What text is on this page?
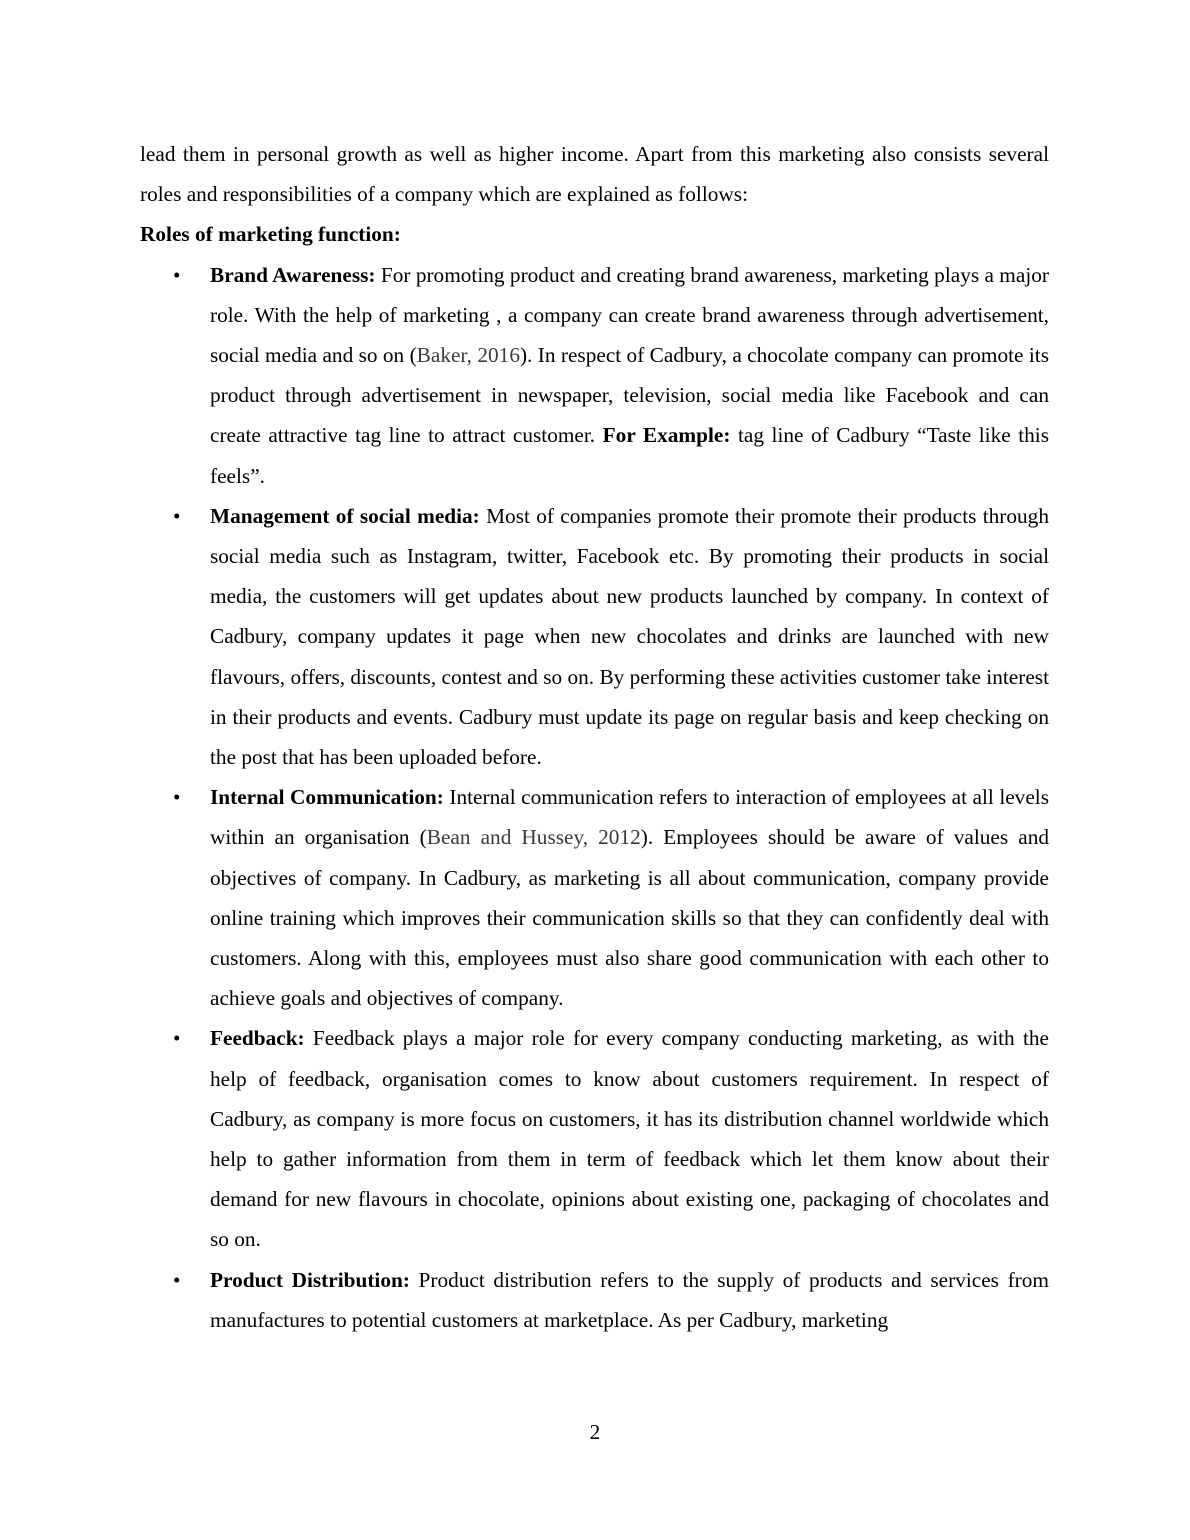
lead them in personal growth as well as higher income. Apart from this marketing also consists several roles and responsibilities of a company which are explained as follows:

Roles of marketing function:

• Brand Awareness: For promoting product and creating brand awareness, marketing plays a major role. With the help of marketing , a company can create brand awareness through advertisement, social media and so on (Baker, 2016). In respect of Cadbury, a chocolate company can promote its product through advertisement in newspaper, television, social media like Facebook and can create attractive tag line to attract customer. For Example: tag line of Cadbury “Taste like this feels”.
• Management of social media: Most of companies promote their promote their products through social media such as Instagram, twitter, Facebook etc. By promoting their products in social media, the customers will get updates about new products launched by company. In context of Cadbury, company updates it page when new chocolates and drinks are launched with new flavours, offers, discounts, contest and so on. By performing these activities customer take interest in their products and events. Cadbury must update its page on regular basis and keep checking on the post that has been uploaded before.
• Internal Communication: Internal communication refers to interaction of employees at all levels within an organisation (Bean and Hussey, 2012). Employees should be aware of values and objectives of company. In Cadbury, as marketing is all about communication, company provide online training which improves their communication skills so that they can confidently deal with customers. Along with this, employees must also share good communication with each other to achieve goals and objectives of company.
• Feedback: Feedback plays a major role for every company conducting marketing, as with the help of feedback, organisation comes to know about customers requirement. In respect of Cadbury, as company is more focus on customers, it has its distribution channel worldwide which help to gather information from them in term of feedback which let them know about their demand for new flavours in chocolate, opinions about existing one, packaging of chocolates and so on.
• Product Distribution: Product distribution refers to the supply of products and services from manufactures to potential customers at marketplace. As per Cadbury, marketing
2
